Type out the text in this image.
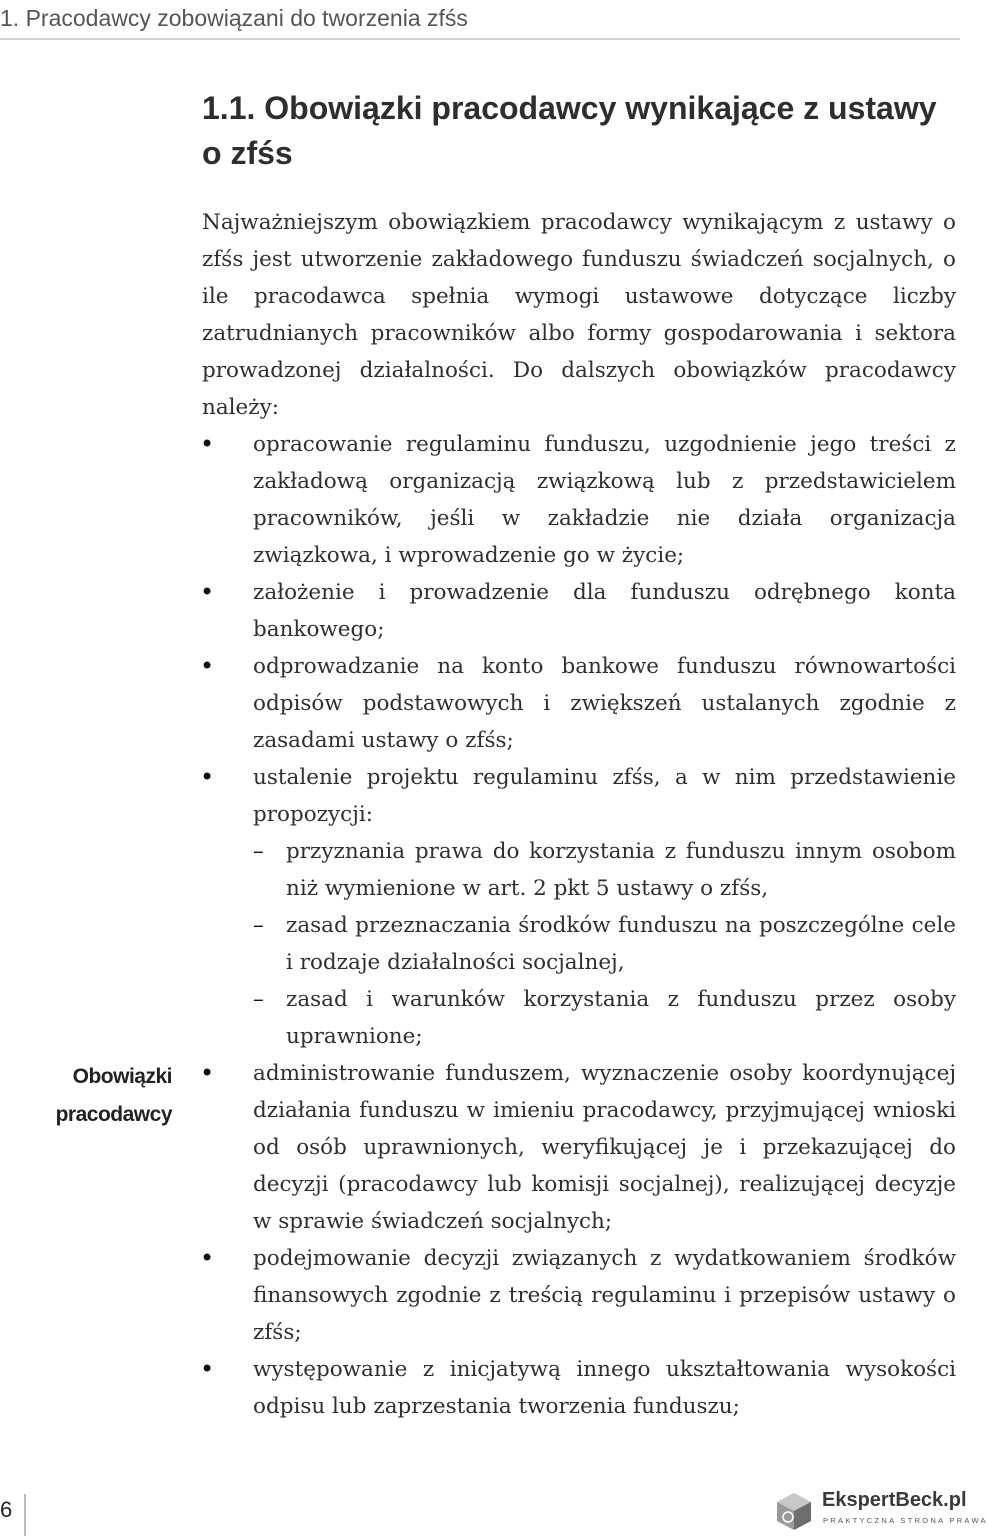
1. Pracodawcy zobowiązani do tworzenia zfśs
1.1. Obowiązki pracodawcy wynikające z ustawy o zfśs
Obowiązki
pracodawcy

Najważniejszym obowiązkiem pracodawcy wynikającym z ustawy o zfśs jest utworzenie zakładowego funduszu świadczeń socjalnych, o ile pracodawca spełnia wymogi ustawowe dotyczące liczby zatrudnianych pracowników albo formy gospodarowania i sektora prowadzonej działalności. Do dalszych obowiązków pracodawcy należy:

• opracowanie regulaminu funduszu, uzgodnienie jego treści z zakładową organizacją związkową lub z przedstawicielem pracowników, jeśli w zakładzie nie działa organizacja związkowa, i wprowadzenie go w życie;
• założenie i prowadzenie dla funduszu odrębnego konta bankowego;
• odprowadzanie na konto bankowe funduszu równowartości odpisów podstawowych i zwiększeń ustalanych zgodnie z zasadami ustawy o zfśs;
• ustalenie projektu regulaminu zfśs, a w nim przedstawienie propozycji:
– przyznania prawa do korzystania z funduszu innym osobom niż wymienione w art. 2 pkt 5 ustawy o zfśs,
– zasad przeznaczania środków funduszu na poszczególne cele i rodzaje działalności socjalnej,
– zasad i warunków korzystania z funduszu przez osoby uprawnione;
• administrowanie funduszem, wyznaczenie osoby koordynującej działania funduszu w imieniu pracodawcy, przyjmującej wnioski od osób uprawnionych, weryfikującej je i przekazującej do decyzji (pracodawcy lub komisji socjalnej), realizującej decyzje w sprawie świadczeń socjalnych;
• podejmowanie decyzji związanych z wydatkowaniem środków finansowych zgodnie z treścią regulaminu i przepisów ustawy o zfśs;
• występowanie z inicjatywą innego ukształtowania wysokości odpisu lub zaprzestania tworzenia funduszu;
6	EkspertBeck.pl
PRAKTYCZNA STRONA PRAWA
